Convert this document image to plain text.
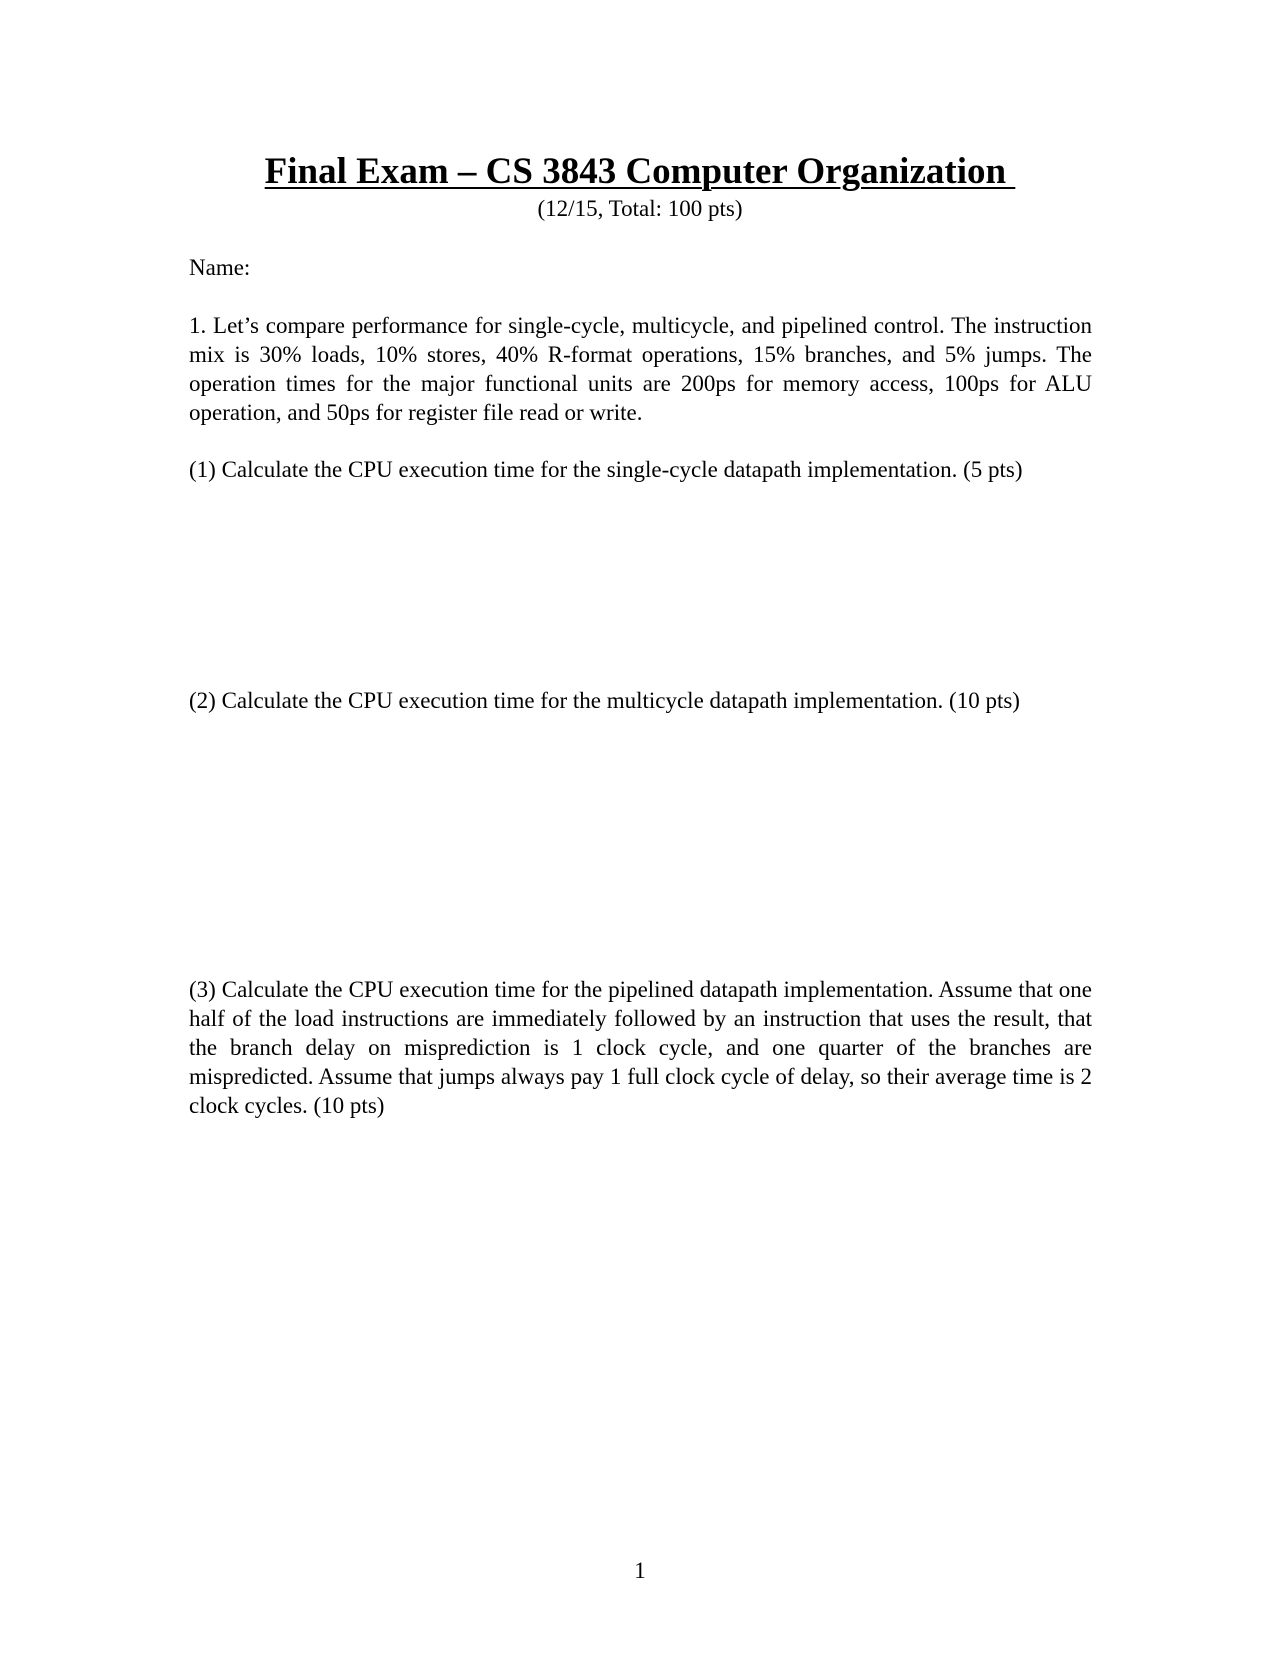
Final Exam – CS 3843 Computer Organization
(12/15, Total: 100 pts)
Name:

1. Let’s compare performance for single-cycle, multicycle, and pipelined control. The instruction mix is 30% loads, 10% stores, 40% R-format operations, 15% branches, and 5% jumps. The operation times for the major functional units are 200ps for memory access, 100ps for ALU operation, and 50ps for register file read or write.

(1) Calculate the CPU execution time for the single-cycle datapath implementation. (5 pts)

(2) Calculate the CPU execution time for the multicycle datapath implementation. (10 pts)

(3) Calculate the CPU execution time for the pipelined datapath implementation. Assume that one half of the load instructions are immediately followed by an instruction that uses the result, that the branch delay on misprediction is 1 clock cycle, and one quarter of the branches are mispredicted. Assume that jumps always pay 1 full clock cycle of delay, so their average time is 2 clock cycles. (10 pts)

1
